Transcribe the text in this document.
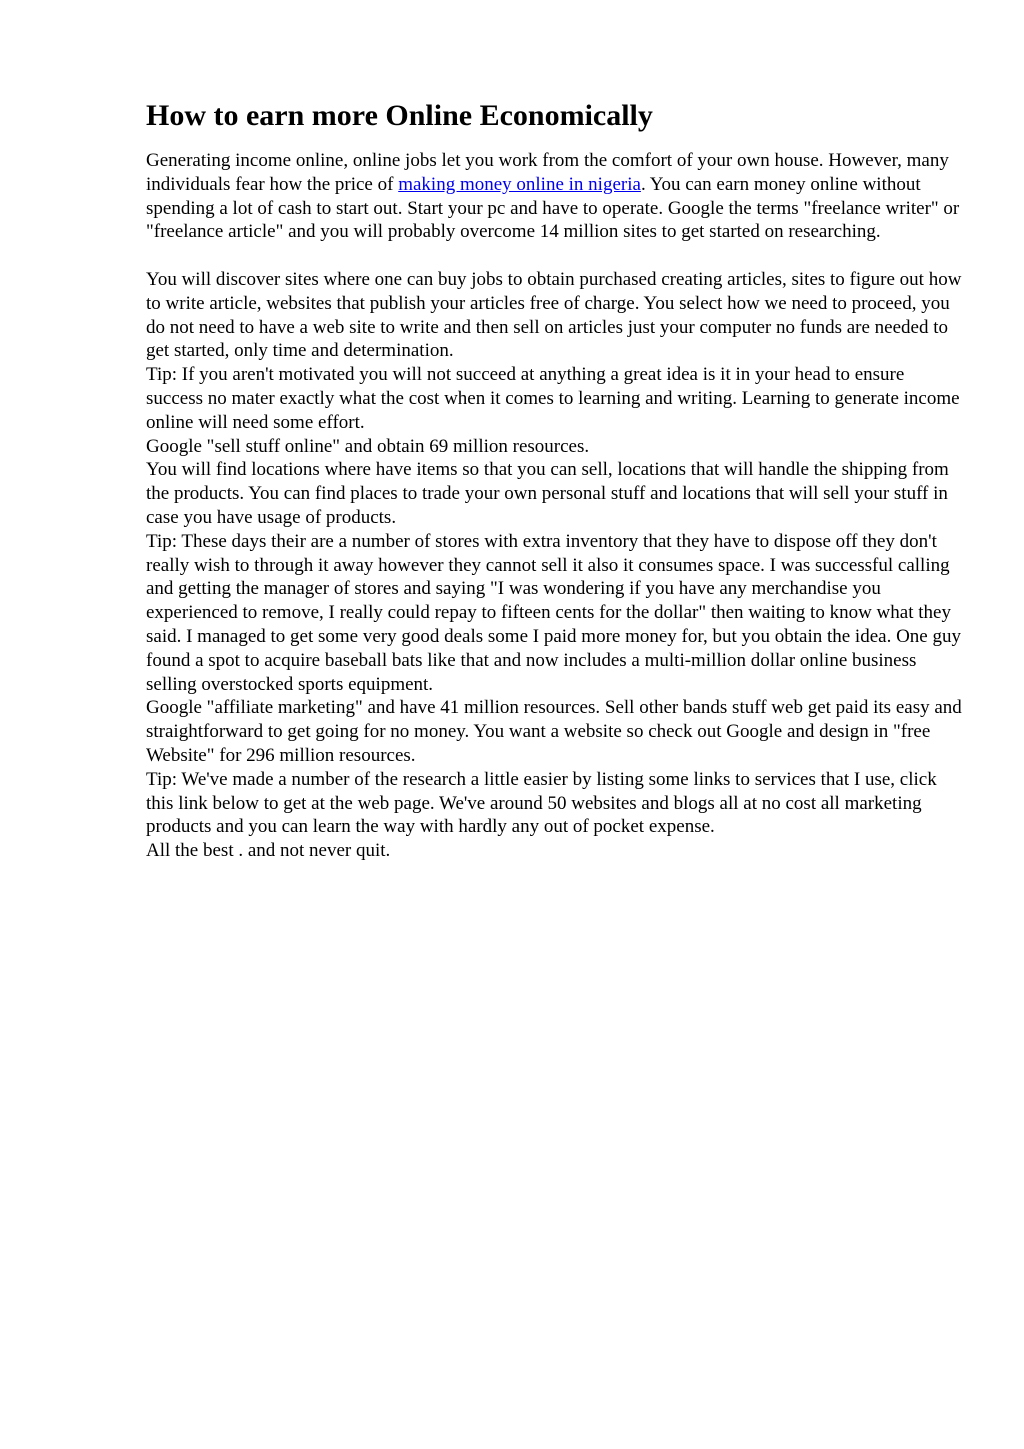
How to earn more Online Economically

Generating income online, online jobs let you work from the comfort of your own house. However, many individuals fear how the price of making money online in nigeria. You can earn money online without spending a lot of cash to start out. Start your pc and have to operate. Google the terms "freelance writer" or "freelance article" and you will probably overcome 14 million sites to get started on researching.

You will discover sites where one can buy jobs to obtain purchased creating articles, sites to figure out how to write article, websites that publish your articles free of charge. You select how we need to proceed, you do not need to have a web site to write and then sell on articles just your computer no funds are needed to get started, only time and determination.

Tip: If you aren't motivated you will not succeed at anything a great idea is it in your head to ensure success no mater exactly what the cost when it comes to learning and writing. Learning to generate income online will need some effort.

Google "sell stuff online" and obtain 69 million resources.

You will find locations where have items so that you can sell, locations that will handle the shipping from the products. You can find places to trade your own personal stuff and locations that will sell your stuff in case you have usage of products.

Tip: These days their are a number of stores with extra inventory that they have to dispose off they don't really wish to through it away however they cannot sell it also it consumes space. I was successful calling and getting the manager of stores and saying "I was wondering if you have any merchandise you experienced to remove, I really could repay to fifteen cents for the dollar" then waiting to know what they said. I managed to get some very good deals some I paid more money for, but you obtain the idea. One guy found a spot to acquire baseball bats like that and now includes a multi-million dollar online business selling overstocked sports equipment.

Google "affiliate marketing" and have 41 million resources. Sell other bands stuff web get paid its easy and straightforward to get going for no money. You want a website so check out Google and design in "free Website" for 296 million resources.

Tip: We've made a number of the research a little easier by listing some links to services that I use, click this link below to get at the web page. We've around 50 websites and blogs all at no cost all marketing products and you can learn the way with hardly any out of pocket expense.

All the best . and not never quit.
